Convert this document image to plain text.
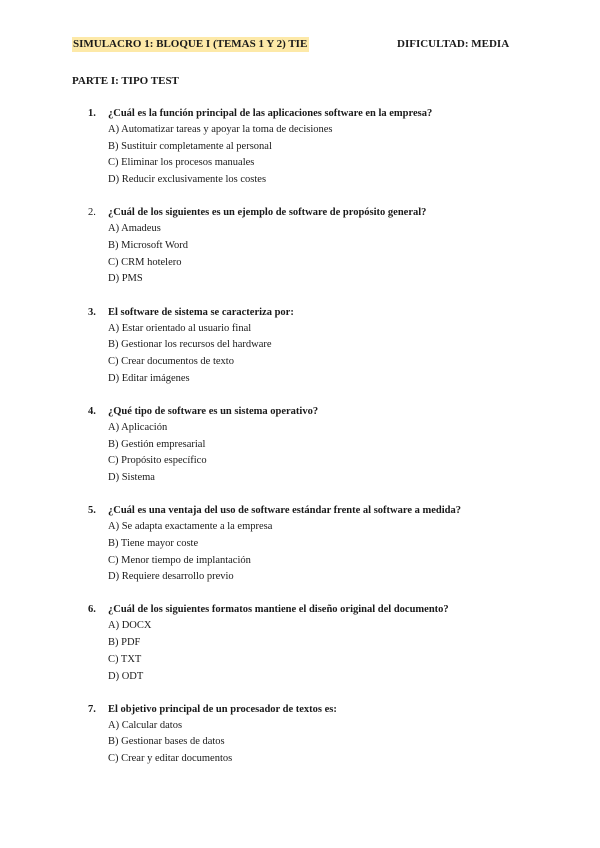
SIMULACRO 1: BLOQUE I (TEMAS 1 Y 2) TIE	DIFICULTAD: MEDIA
PARTE I: TIPO TEST
1.	¿Cuál es la función principal de las aplicaciones software en la empresa?
A) Automatizar tareas y apoyar la toma de decisiones
B) Sustituir completamente al personal
C) Eliminar los procesos manuales
D) Reducir exclusivamente los costes
2.	¿Cuál de los siguientes es un ejemplo de software de propósito general?
A) Amadeus
B) Microsoft Word
C) CRM hotelero
D) PMS
3.	El software de sistema se caracteriza por:
A) Estar orientado al usuario final
B) Gestionar los recursos del hardware
C) Crear documentos de texto
D) Editar imágenes
4.	¿Qué tipo de software es un sistema operativo?
A) Aplicación
B) Gestión empresarial
C) Propósito específico
D) Sistema
5.	¿Cuál es una ventaja del uso de software estándar frente al software a medida?
A) Se adapta exactamente a la empresa
B) Tiene mayor coste
C) Menor tiempo de implantación
D) Requiere desarrollo previo
6.	¿Cuál de los siguientes formatos mantiene el diseño original del documento?
A) DOCX
B) PDF
C) TXT
D) ODT
7.	El objetivo principal de un procesador de textos es:
A) Calcular datos
B) Gestionar bases de datos
C) Crear y editar documentos
